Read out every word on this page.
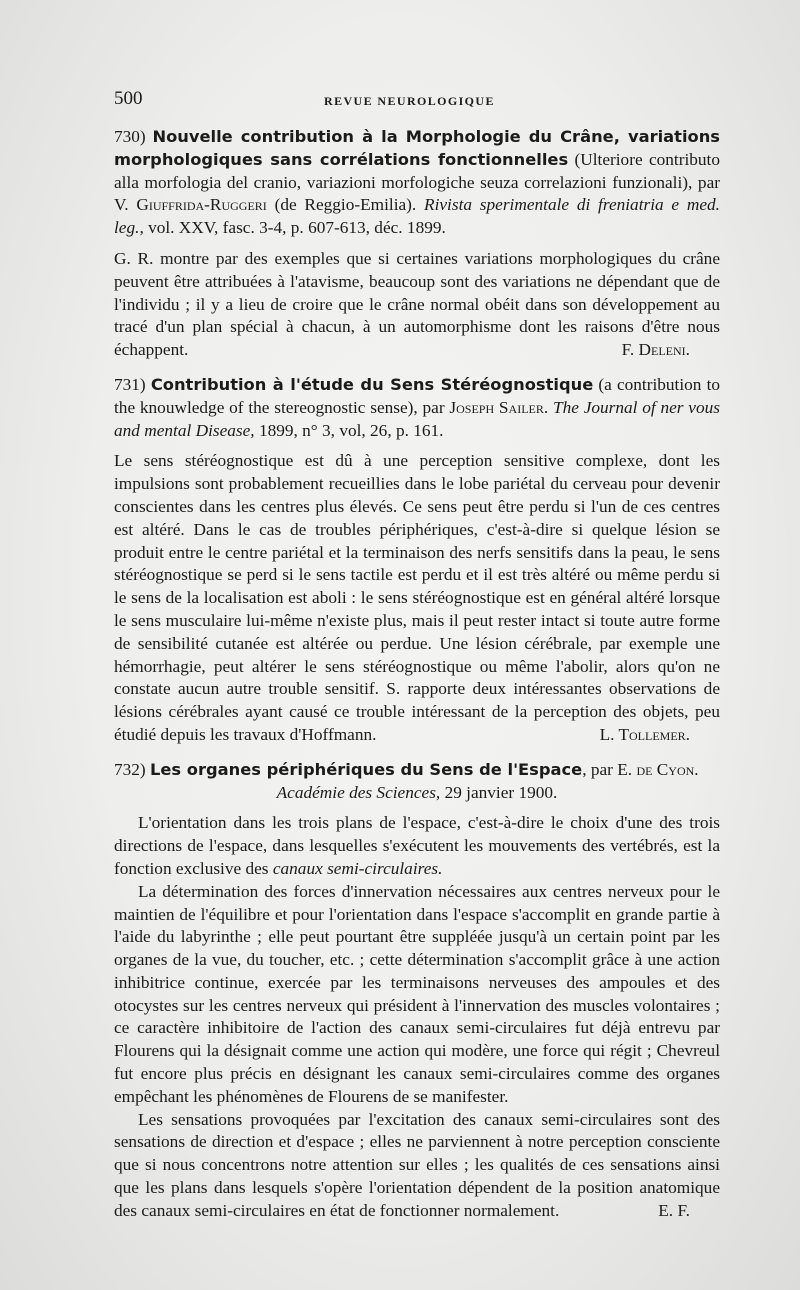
500	REVUE NEUROLOGIQUE

730) Nouvelle contribution à la Morphologie du Crâne, variations morphologiques sans corrélations fonctionnelles (Ulteriore contributo alla morfologia del cranio, variazioni morfologiche seuza correlazioni funzionali), par V. Giuffrida-Ruggeri (de Reggio-Emilia). Rivista sperimentale di freniatria e med. leg., vol. XXV, fasc. 3-4, p. 607-613, déc. 1899.

G. R. montre par des exemples que si certaines variations morphologiques du crâne peuvent être attribuées à l'atavisme, beaucoup sont des variations ne dépendant que de l'individu ; il y a lieu de croire que le crâne normal obéit dans son développement au tracé d'un plan spécial à chacun, à un automorphisme dont les raisons d'être nous échappent.	F. Deleni.

731) Contribution à l'étude du Sens Stéréognostique (a contribution to the knouwledge of the stereognostic sense), par Joseph Sailer. The Journal of ner vous and mental Disease, 1899, n° 3, vol, 26, p. 161.

Le sens stéréognostique est dû à une perception sensitive complexe, dont les impulsions sont probablement recueillies dans le lobe pariétal du cerveau pour devenir conscientes dans les centres plus élevés. Ce sens peut être perdu si l'un de ces centres est altéré. Dans le cas de troubles périphériques, c'est-à-dire si quelque lésion se produit entre le centre pariétal et la terminaison des nerfs sensitifs dans la peau, le sens stéréognostique se perd si le sens tactile est perdu et il est très altéré ou même perdu si le sens de la localisation est aboli : le sens stéréognostique est en général altéré lorsque le sens musculaire lui-même n'existe plus, mais il peut rester intact si toute autre forme de sensibilité cutanée est altérée ou perdue. Une lésion cérébrale, par exemple une hémorrhagie, peut altérer le sens stéréognostique ou même l'abolir, alors qu'on ne constate aucun autre trouble sensitif. S. rapporte deux intéressantes observations de lésions cérébrales ayant causé ce trouble intéressant de la perception des objets, peu étudié depuis les travaux d'Hoffmann.	L. Tollemer.

732) Les organes périphériques du Sens de l'Espace, par E. de Cyon.
Académie des Sciences, 29 janvier 1900.

L'orientation dans les trois plans de l'espace, c'est-à-dire le choix d'une des trois directions de l'espace, dans lesquelles s'exécutent les mouvements des vertébrés, est la fonction exclusive des canaux semi-circulaires.

La détermination des forces d'innervation nécessaires aux centres nerveux pour le maintien de l'équilibre et pour l'orientation dans l'espace s'accomplit en grande partie à l'aide du labyrinthe ; elle peut pourtant être suppléée jusqu'à un certain point par les organes de la vue, du toucher, etc. ; cette détermination s'accomplit grâce à une action inhibitrice continue, exercée par les terminaisons nerveuses des ampoules et des otocystes sur les centres nerveux qui président à l'innervation des muscles volontaires ; ce caractère inhibitoire de l'action des canaux semi-circulaires fut déjà entrevu par Flourens qui la désignait comme une action qui modère, une force qui régit ; Chevreul fut encore plus précis en désignant les canaux semi-circulaires comme des organes empêchant les phénomènes de Flourens de se manifester.

Les sensations provoquées par l'excitation des canaux semi-circulaires sont des sensations de direction et d'espace ; elles ne parviennent à notre perception consciente que si nous concentrons notre attention sur elles ; les qualités de ces sensations ainsi que les plans dans lesquels s'opère l'orientation dépendent de la position anatomique des canaux semi-circulaires en état de fonctionner normalement.	E. F.
